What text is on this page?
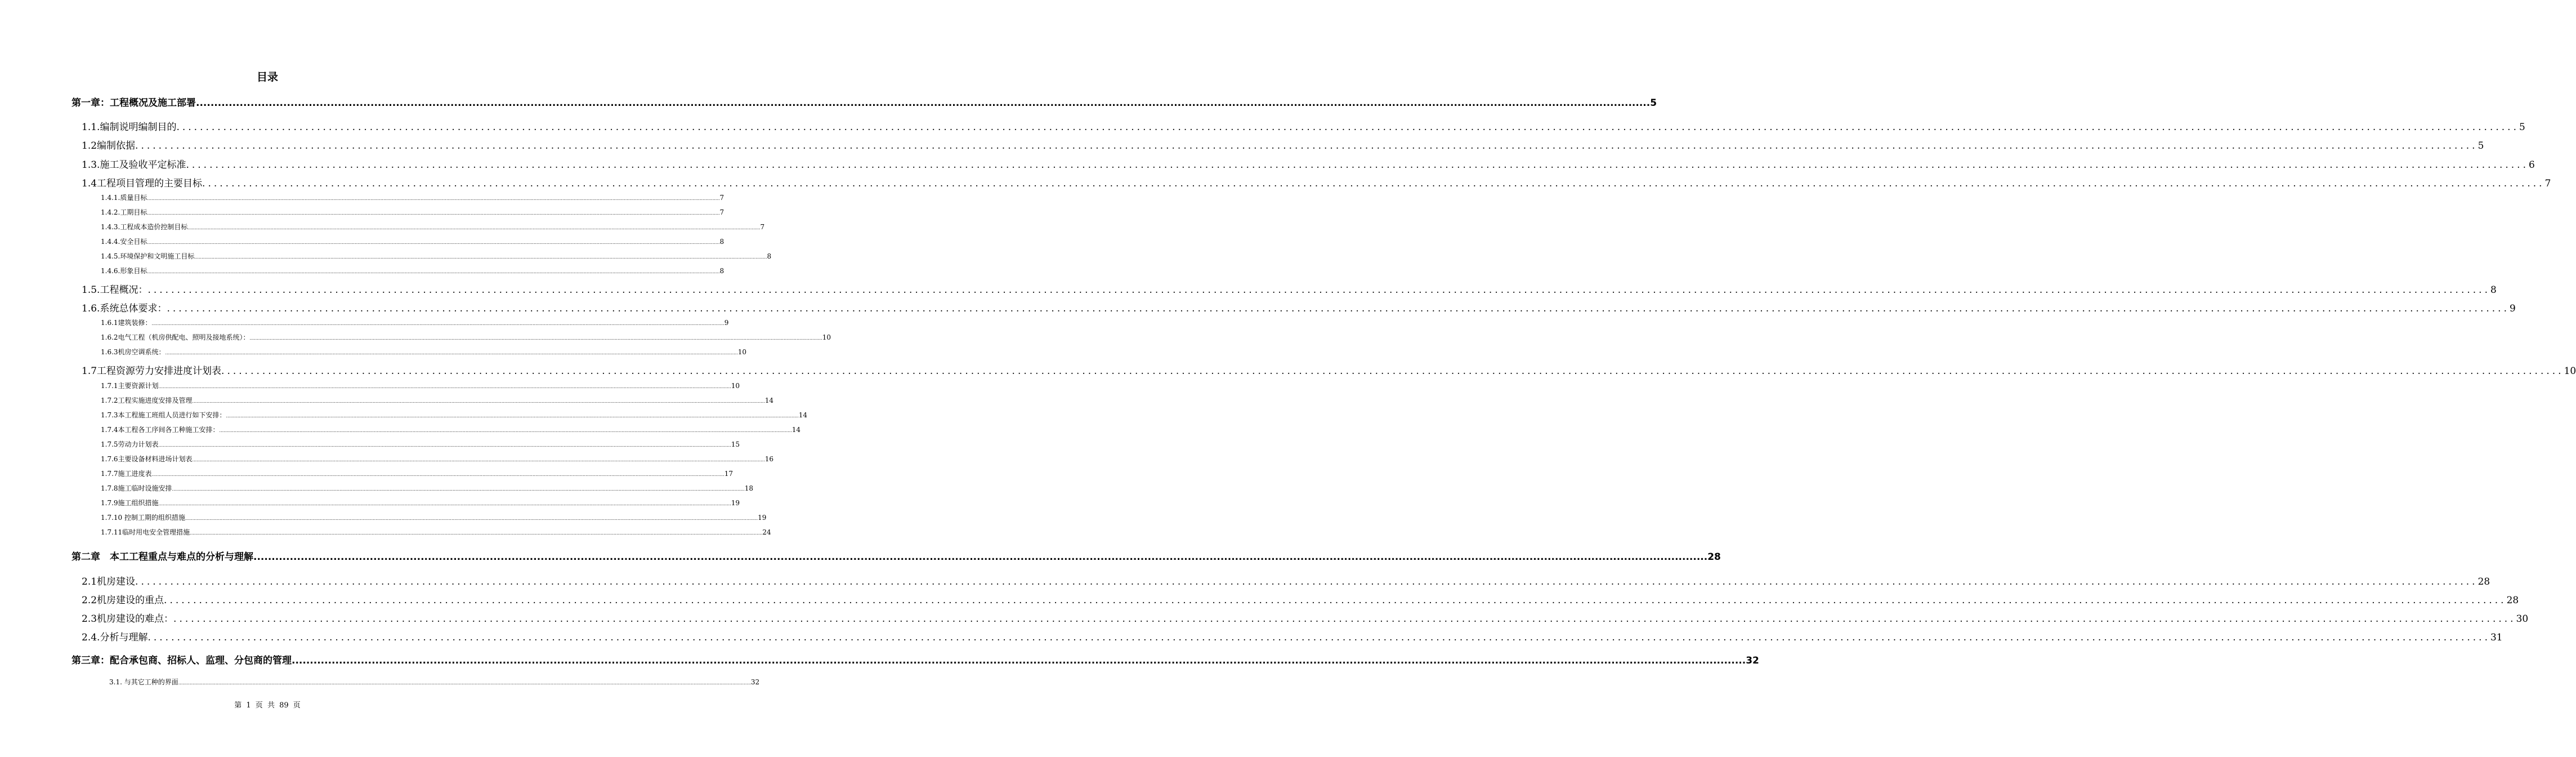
目录
第一章：工程概况及施工部署 ................................................................................................................................................................................................................................................................................................................................................................................................................ 5
1.1.编制说明编制目的 ................................................................................................................................................................................................................................................................................................................................................................................................................ 5
1.2编制依据 ................................................................................................................................................................................................................................................................................................................................................................................................................ 5
1.3.施工及验收平定标准 ................................................................................................................................................................................................................................................................................................................................................................................................................ 6
1.4工程项目管理的主要目标 ................................................................................................................................................................................................................................................................................................................................................................................................................ 7
1.4.1.质量目标 ................................................................................................................................................................................................................................................................................................................................................................................................................ 7
1.4.2.工期目标 ................................................................................................................................................................................................................................................................................................................................................................................................................ 7
1.4.3.工程成本造价控制目标 ................................................................................................................................................................................................................................................................................................................................................................................................................ 7
1.4.4.安全目标 ................................................................................................................................................................................................................................................................................................................................................................................................................ 8
1.4.5.环境保护和文明施工目标 ................................................................................................................................................................................................................................................................................................................................................................................................................ 8
1.4.6.形象目标 ................................................................................................................................................................................................................................................................................................................................................................................................................ 8
1.5.工程概况： ................................................................................................................................................................................................................................................................................................................................................................................................................ 8
1.6.系统总体要求： ................................................................................................................................................................................................................................................................................................................................................................................................................ 9
1.6.1建筑装修： ................................................................................................................................................................................................................................................................................................................................................................................................................ 9
1.6.2电气工程（机房供配电、照明及接地系统）： ................................................................................................................................................................................................................................................................................................................................................................................................................ 10
1.6.3机房空调系统： ................................................................................................................................................................................................................................................................................................................................................................................................................ 10
1.7工程资源劳力安排进度计划表 ................................................................................................................................................................................................................................................................................................................................................................................................................ 10
1.7.1主要资源计划 ................................................................................................................................................................................................................................................................................................................................................................................................................ 10
1.7.2工程实施进度安排及管理 ................................................................................................................................................................................................................................................................................................................................................................................................................ 14
1.7.3本工程施工班组人员进行如下安排： ................................................................................................................................................................................................................................................................................................................................................................................................................ 14
1.7.4本工程各工序间各工种施工安排： ................................................................................................................................................................................................................................................................................................................................................................................................................ 14
1.7.5劳动力计划表 ................................................................................................................................................................................................................................................................................................................................................................................................................ 15
1.7.6主要设备材料进场计划表 ................................................................................................................................................................................................................................................................................................................................................................................................................ 16
1.7.7施工进度表 ................................................................................................................................................................................................................................................................................................................................................................................................................ 17
1.7.8施工临时设施安排 ................................................................................................................................................................................................................................................................................................................................................................................................................ 18
1.7.9施工组织措施 ................................................................................................................................................................................................................................................................................................................................................................................................................ 19
1.7.10 控制工期的组织措施 ................................................................................................................................................................................................................................................................................................................................................................................................................ 19
1.7.11临时用电安全管理措施 ................................................................................................................................................................................................................................................................................................................................................................................................................ 24
第二章　本工工程重点与难点的分析与理解 ................................................................................................................................................................................................................................................................................................................................................................................................................ 28
2.1机房建设 ................................................................................................................................................................................................................................................................................................................................................................................................................ 28
2.2机房建设的重点 ................................................................................................................................................................................................................................................................................................................................................................................................................ 28
2.3机房建设的难点： ................................................................................................................................................................................................................................................................................................................................................................................................................ 30
2.4.分析与理解 ................................................................................................................................................................................................................................................................................................................................................................................................................ 31
第三章：配合承包商、招标人、监理、分包商的管理 ................................................................................................................................................................................................................................................................................................................................................................................................................ 32
3.1. 与其它工种的界面 ................................................................................................................................................................................................................................................................................................................................................................................................................ 32
第 1 页 共 89 页
